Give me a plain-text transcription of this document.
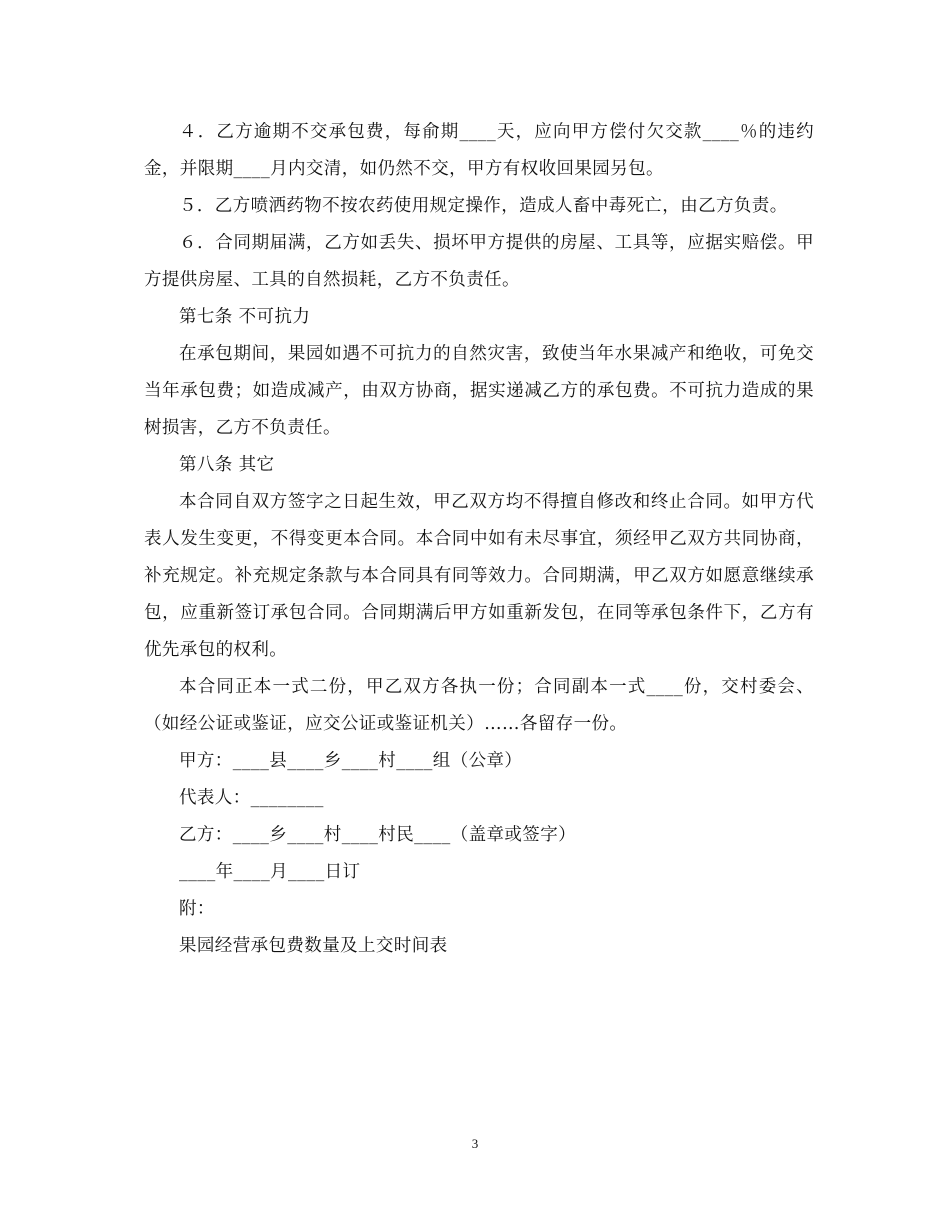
４．乙方逾期不交承包费，每俞期____天，应向甲方偿付欠交款____％的违约金，并限期____月内交清，如仍然不交，甲方有权收回果园另包。

５．乙方喷洒药物不按农药使用规定操作，造成人畜中毒死亡，由乙方负责。

６．合同期届满，乙方如丢失、损坏甲方提供的房屋、工具等，应据实赔偿。甲方提供房屋、工具的自然损耗，乙方不负责任。

第七条 不可抗力

在承包期间，果园如遇不可抗力的自然灾害，致使当年水果减产和绝收，可免交当年承包费；如造成减产，由双方协商，据实递减乙方的承包费。不可抗力造成的果树损害，乙方不负责任。

第八条 其它

本合同自双方签字之日起生效，甲乙双方均不得擅自修改和终止合同。如甲方代表人发生变更，不得变更本合同。本合同中如有未尽事宜，须经甲乙双方共同协商，补充规定。补充规定条款与本合同具有同等效力。合同期满，甲乙双方如愿意继续承包，应重新签订承包合同。合同期满后甲方如重新发包，在同等承包条件下，乙方有优先承包的权利。

本合同正本一式二份，甲乙双方各执一份；合同副本一式____份，交村委会、（如经公证或鉴证，应交公证或鉴证机关）……各留存一份。

甲方：____县____乡____村____组（公章）

代表人：________

乙方：____乡____村____村民____（盖章或签字）

____年____月____日订

附：

果园经营承包费数量及上交时间表

3
